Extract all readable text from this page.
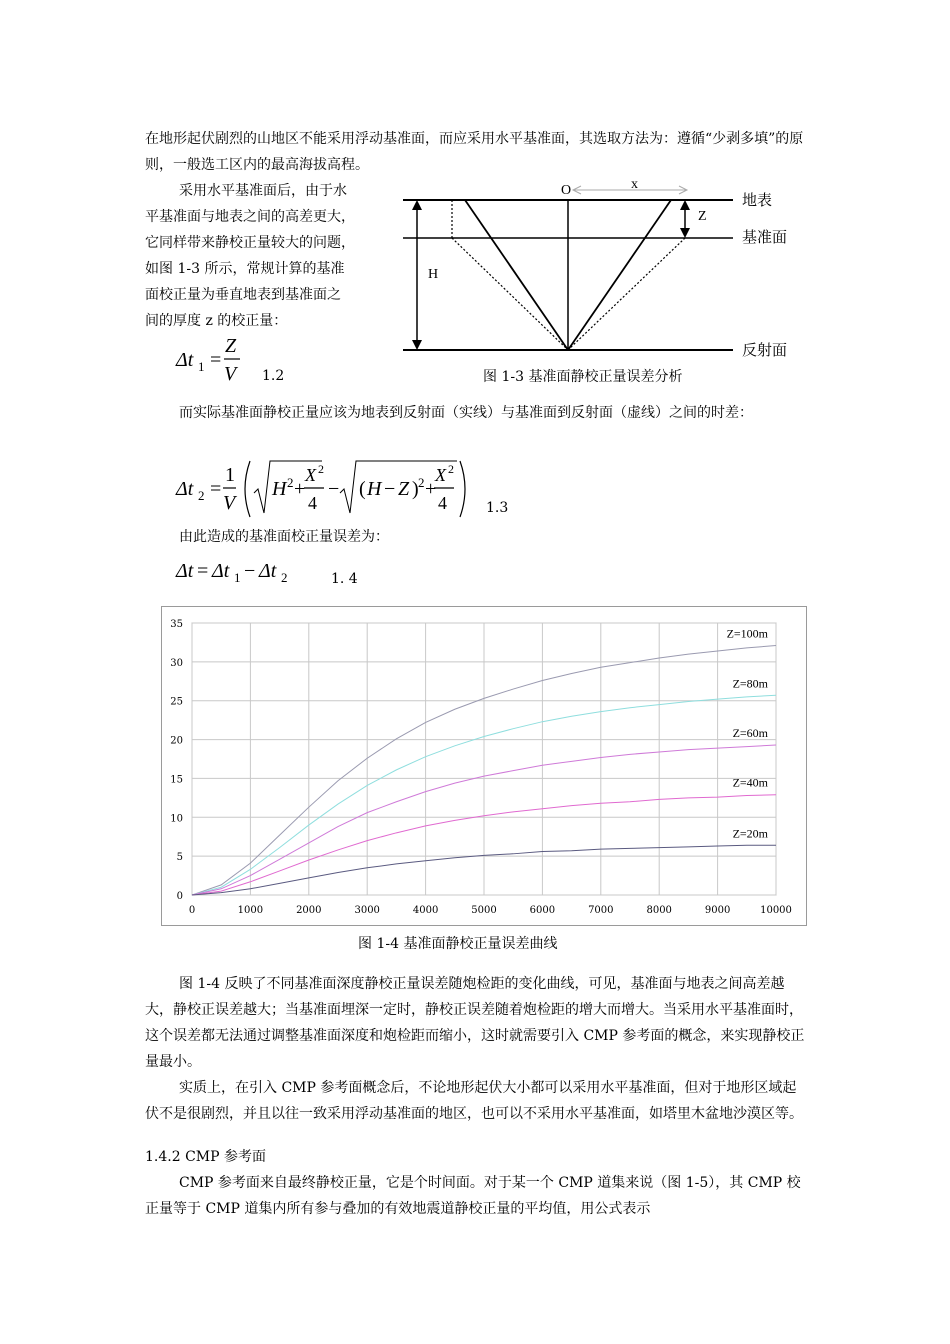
在地形起伏剧烈的山地区不能采用浮动基准面，而应采用水平基准面，其选取方法为：遵循“少剥多填”的原则，一般选工区内的最高海拔高程。
采用水平基准面后，由于水
平基准面与地表之间的高差更大，
它同样带来静校正量较大的问题，
如图 1-3 所示，常规计算的基准
面校正量为垂直地表到基准面之
间的厚度 z 的校正量：
Δt 1 =
Z
V 1.2
O	x
Z
H
地表
基准面
反射面
图 1-3 基准面静校正量误差分析
而实际基准面静校正量应该为地表到反射面（实线）与基准面到反射面（虚线）之间的时差：
Δt 2 =
1
V
H 2 +
X 2
4
− ( H − Z ) 2 +
X 2
4	1.3
由此造成的基准面校正量误差为：
Δt = Δt 1 − Δt 2	1. 4
0	1000	2000	3000	4000	5000	6000	7000	8000	9000	10000
0
5
10
15
20
25
30
35
Z=100m
Z=80m
Z=60m
Z=40m
Z=20m
图 1-4 基准面静校正量误差曲线
图 1-4 反映了不同基准面深度静校正量误差随炮检距的变化曲线，可见，基准面与地表之间高差越大，静校正误差越大；当基准面埋深一定时，静校正误差随着炮检距的增大而增大。当采用水平基准面时，这个误差都无法通过调整基准面深度和炮检距而缩小，这时就需要引入 CMP 参考面的概念，来实现静校正量最小。
实质上，在引入 CMP 参考面概念后，不论地形起伏大小都可以采用水平基准面，但对于地形区域起伏不是很剧烈，并且以往一致采用浮动基准面的地区，也可以不采用水平基准面，如塔里木盆地沙漠区等。
1.4.2 CMP 参考面
CMP 参考面来自最终静校正量，它是个时间面。对于某一个 CMP 道集来说（图 1-5），其 CMP 校正量等于 CMP 道集内所有参与叠加的有效地震道静校正量的平均值，用公式表示
